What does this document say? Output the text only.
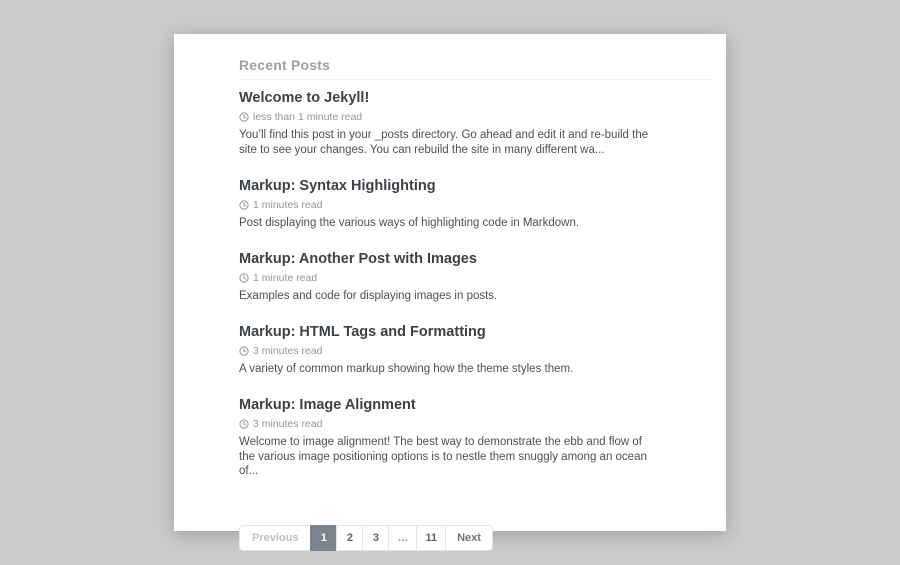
Recent Posts
Welcome to Jekyll!
less than 1 minute read
You’ll find this post in your _posts directory. Go ahead and edit it and re-build the site to see your changes. You can rebuild the site in many different wa...
Markup: Syntax Highlighting
1 minutes read
Post displaying the various ways of highlighting code in Markdown.
Markup: Another Post with Images
1 minute read
Examples and code for displaying images in posts.
Markup: HTML Tags and Formatting
3 minutes read
A variety of common markup showing how the theme styles them.
Markup: Image Alignment
3 minutes read
Welcome to image alignment! The best way to demonstrate the ebb and flow of the various image positioning options is to nestle them snuggly among an ocean of...
Previous	1	2	3	…	11	Next
